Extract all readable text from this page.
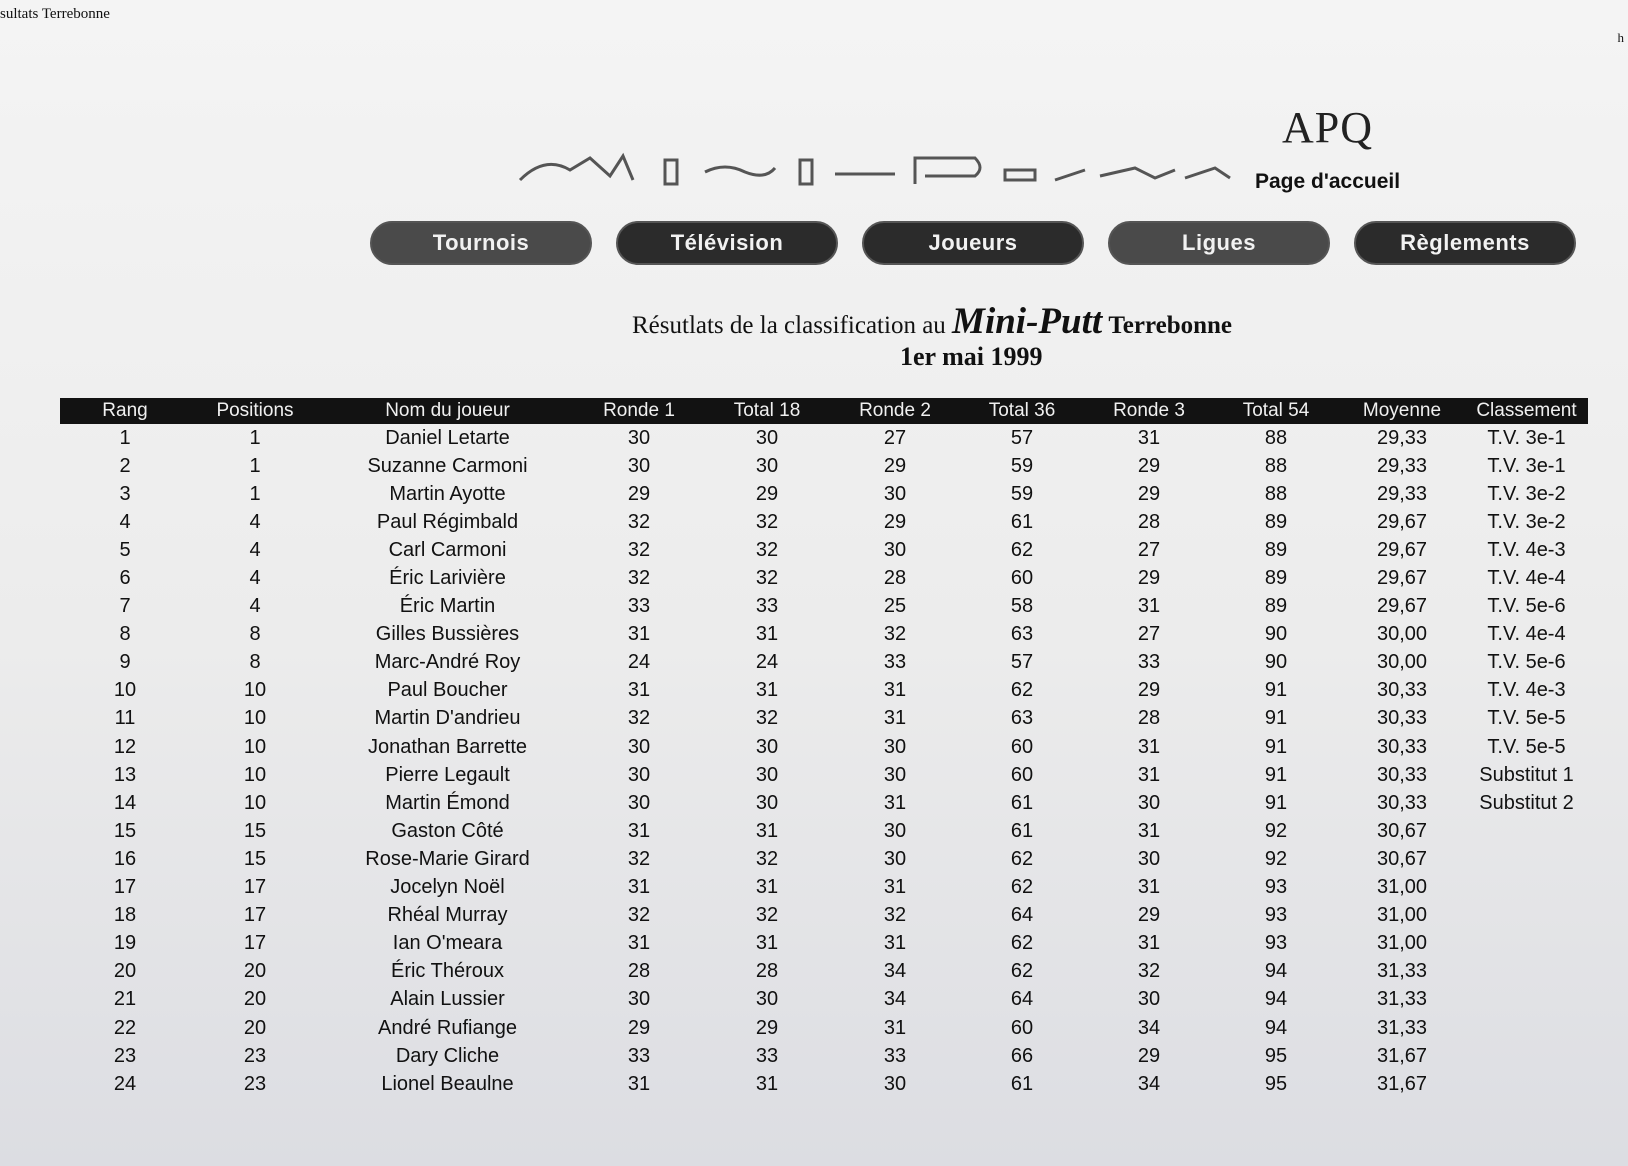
sultats Terrebonne
h
APQ
Page d'accueil
Tournois	Télévision	Joueurs	Ligues	Règlements
Résutlats de la classification au Mini-Putt Terrebonne
1er mai 1999
Rang	Positions	Nom du joueur	Ronde 1	Total 18	Ronde 2	Total 36	Ronde 3	Total 54	Moyenne	Classement
1	1	Daniel Letarte	30	30	27	57	31	88	29,33	T.V. 3e-1
2	1	Suzanne Carmoni	30	30	29	59	29	88	29,33	T.V. 3e-1
3	1	Martin Ayotte	29	29	30	59	29	88	29,33	T.V. 3e-2
4	4	Paul Régimbald	32	32	29	61	28	89	29,67	T.V. 3e-2
5	4	Carl Carmoni	32	32	30	62	27	89	29,67	T.V. 4e-3
6	4	Éric Larivière	32	32	28	60	29	89	29,67	T.V. 4e-4
7	4	Éric Martin	33	33	25	58	31	89	29,67	T.V. 5e-6
8	8	Gilles Bussières	31	31	32	63	27	90	30,00	T.V. 4e-4
9	8	Marc-André Roy	24	24	33	57	33	90	30,00	T.V. 5e-6
10	10	Paul Boucher	31	31	31	62	29	91	30,33	T.V. 4e-3
11	10	Martin D'andrieu	32	32	31	63	28	91	30,33	T.V. 5e-5
12	10	Jonathan Barrette	30	30	30	60	31	91	30,33	T.V. 5e-5
13	10	Pierre Legault	30	30	30	60	31	91	30,33	Substitut 1
14	10	Martin Émond	30	30	31	61	30	91	30,33	Substitut 2
15	15	Gaston Côté	31	31	30	61	31	92	30,67
16	15	Rose-Marie Girard	32	32	30	62	30	92	30,67
17	17	Jocelyn Noël	31	31	31	62	31	93	31,00
18	17	Rhéal Murray	32	32	32	64	29	93	31,00
19	17	Ian O'meara	31	31	31	62	31	93	31,00
20	20	Éric Théroux	28	28	34	62	32	94	31,33
21	20	Alain Lussier	30	30	34	64	30	94	31,33
22	20	André Rufiange	29	29	31	60	34	94	31,33
23	23	Dary Cliche	33	33	33	66	29	95	31,67
24	23	Lionel Beaulne	31	31	30	61	34	95	31,67
